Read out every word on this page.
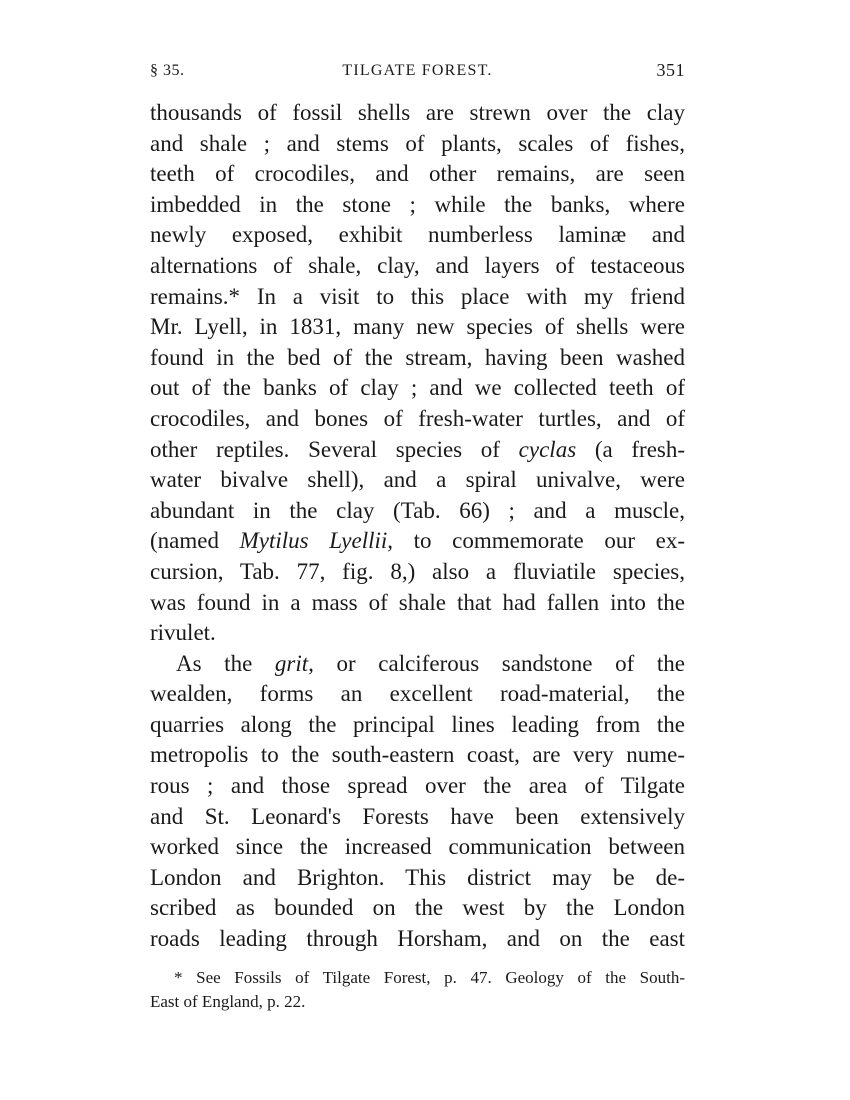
§ 35.	TILGATE FOREST.	351
thousands of fossil shells are strewn over the clay
and shale ; and stems of plants, scales of fishes,
teeth of crocodiles, and other remains, are seen
imbedded in the stone ; while the banks, where
newly exposed, exhibit numberless laminæ and
alternations of shale, clay, and layers of testaceous
remains.* In a visit to this place with my friend
Mr. Lyell, in 1831, many new species of shells were
found in the bed of the stream, having been washed
out of the banks of clay ; and we collected teeth of
crocodiles, and bones of fresh-water turtles, and of
other reptiles. Several species of cyclas (a fresh-
water bivalve shell), and a spiral univalve, were
abundant in the clay (Tab. 66) ; and a muscle,
(named Mytilus Lyellii, to commemorate our ex-
cursion, Tab. 77, fig. 8,) also a fluviatile species,
was found in a mass of shale that had fallen into the
rivulet.
As the grit, or calciferous sandstone of the
wealden, forms an excellent road-material, the
quarries along the principal lines leading from the
metropolis to the south-eastern coast, are very nume-
rous ; and those spread over the area of Tilgate
and St. Leonard's Forests have been extensively
worked since the increased communication between
London and Brighton. This district may be de-
scribed as bounded on the west by the London
roads leading through Horsham, and on the east
* See Fossils of Tilgate Forest, p. 47. Geology of the South-
East of England, p. 22.
